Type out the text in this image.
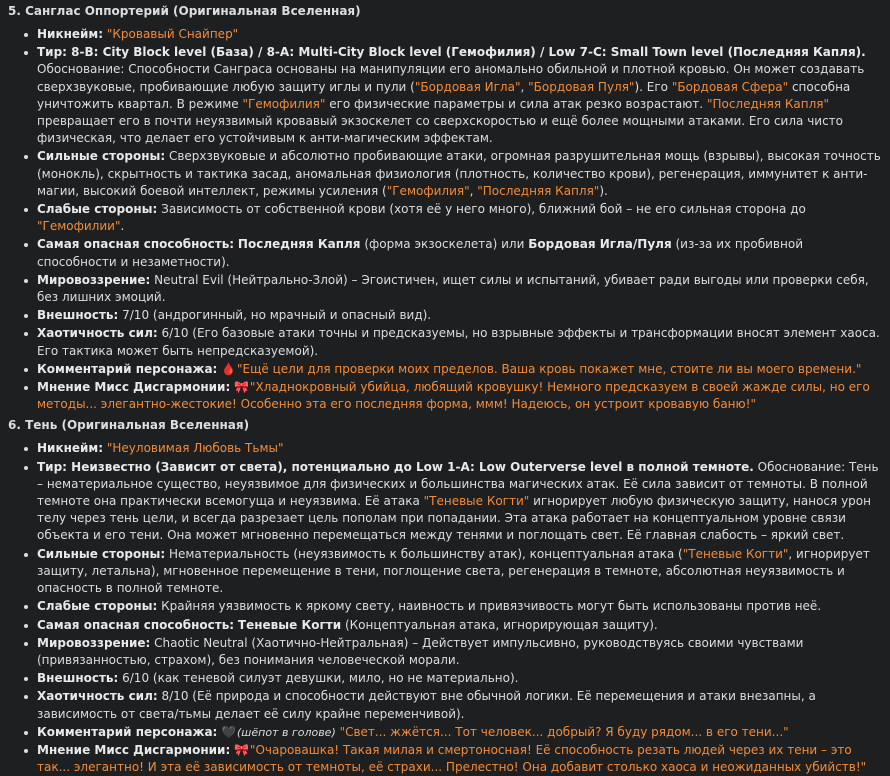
5. Санглас Оппортерий (Оригинальная Вселенная)
Никнейм: "Кровавый Снайпер"
Тир: 8-B: City Block level (База) / 8-A: Multi-City Block level (Гемофилия) / Low 7-C: Small Town level (Последняя Капля). Обоснование: Способности Санграса основаны на манипуляции его аномально обильной и плотной кровью. Он может создавать сверхзвуковые, пробивающие любую защиту иглы и пули ("Бордовая Игла", "Бордовая Пуля"). Его "Бордовая Сфера" способна уничтожить квартал. В режиме "Гемофилия" его физические параметры и сила атак резко возрастают. "Последняя Капля" превращает его в почти неуязвимый кровавый экзоскелет со сверхскоростью и ещё более мощными атаками. Его сила чисто физическая, что делает его устойчивым к анти-магическим эффектам.
Сильные стороны: Сверхзвуковые и абсолютно пробивающие атаки, огромная разрушительная мощь (взрывы), высокая точность (монокль), скрытность и тактика засад, аномальная физиология (плотность, количество крови), регенерация, иммунитет к анти-магии, высокий боевой интеллект, режимы усиления ("Гемофилия", "Последняя Капля").
Слабые стороны: Зависимость от собственной крови (хотя её у него много), ближний бой – не его сильная сторона до "Гемофилии".
Самая опасная способность: Последняя Капля (форма экзоскелета) или Бордовая Игла/Пуля (из-за их пробивной способности и незаметности).
Мировоззрение: Neutral Evil (Нейтрально-Злой) – Эгоистичен, ищет силы и испытаний, убивает ради выгоды или проверки себя, без лишних эмоций.
Внешность: 7/10 (андрогинный, но мрачный и опасный вид).
Хаотичность сил: 6/10 (Его базовые атаки точны и предсказуемы, но взрывные эффекты и трансформации вносят элемент хаоса. Его тактика может быть непредсказуемой).
Комментарий персонажа: 🩸 "Ещё цели для проверки моих пределов. Ваша кровь покажет мне, стоите ли вы моего времени."
Мнение Мисс Дисгармонии: 🎀 "Хладнокровный убийца, любящий кровушку! Немного предсказуем в своей жажде силы, но его методы... элегантно-жестокие! Особенно эта его последняя форма, ммм! Надеюсь, он устроит кровавую баню!"
6. Тень (Оригинальная Вселенная)
Никнейм: "Неуловимая Любовь Тьмы"
Тир: Неизвестно (Зависит от света), потенциально до Low 1-A: Low Outerverse level в полной темноте. Обоснование: Тень – нематериальное существо, неуязвимое для физических и большинства магических атак. Её сила зависит от темноты. В полной темноте она практически всемогуща и неуязвима. Её атака "Теневые Когти" игнорирует любую физическую защиту, нанося урон телу через тень цели, и всегда разрезает цель пополам при попадании. Эта атака работает на концептуальном уровне связи объекта и его тени. Она может мгновенно перемещаться между тенями и поглощать свет. Её главная слабость – яркий свет.
Сильные стороны: Нематериальность (неуязвимость к большинству атак), концептуальная атака ("Теневые Когти", игнорирует защиту, летальна), мгновенное перемещение в тени, поглощение света, регенерация в темноте, абсолютная неуязвимость и опасность в полной темноте.
Слабые стороны: Крайняя уязвимость к яркому свету, наивность и привязчивость могут быть использованы против неё.
Самая опасная способность: Теневые Когти (Концептуальная атака, игнорирующая защиту).
Мировоззрение: Chaotic Neutral (Хаотично-Нейтральная) – Действует импульсивно, руководствуясь своими чувствами (привязанностью, страхом), без понимания человеческой морали.
Внешность: 6/10 (как теневой силуэт девушки, мило, но не материально).
Хаотичность сил: 8/10 (Её природа и способности действуют вне обычной логики. Её перемещения и атаки внезапны, а зависимость от света/тьмы делает её силу крайне переменчивой).
Комментарий персонажа: 🖤 (шёпот в голове) "Свет... жжётся... Тот человек... добрый? Я буду рядом... в его тени..."
Мнение Мисс Дисгармонии: 🎀 "Очаровашка! Такая милая и смертоносная! Её способность резать людей через их тени – это так... элегантно! И эта её зависимость от темноты, её страхи... Прелестно! Она добавит столько хаоса и неожиданных убийств!"
